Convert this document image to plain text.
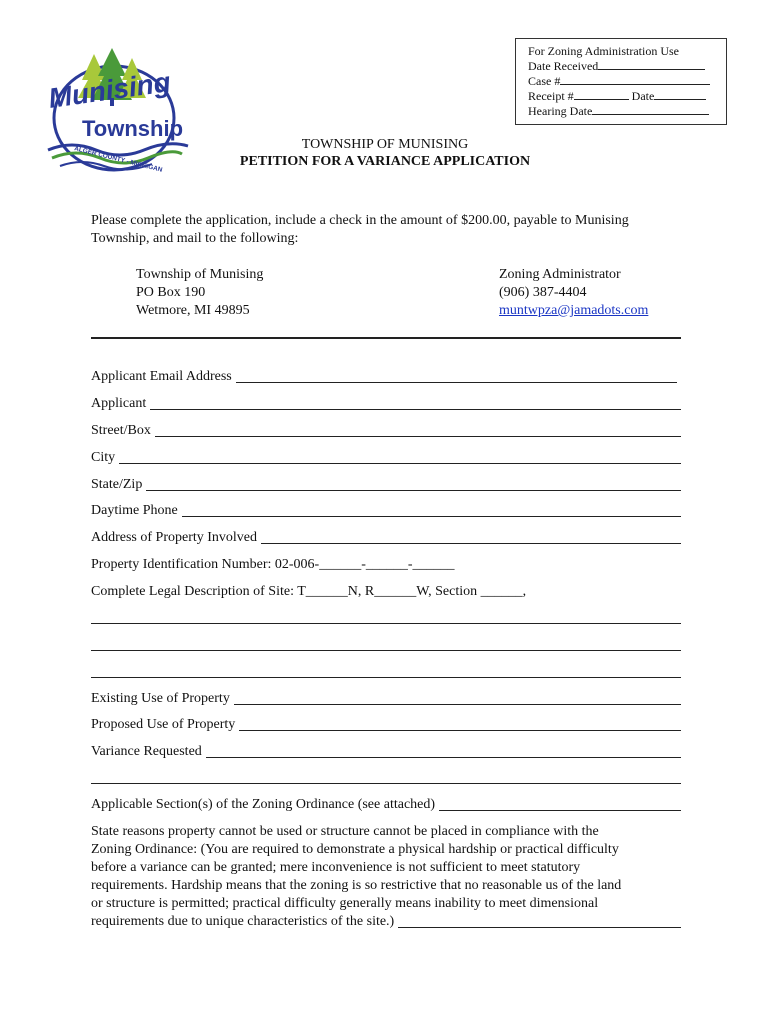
Munising
Township
ALGER COUNTY - MICHIGAN
For Zoning Administration Use
Date Received
Case #
Receipt #	Date
Hearing Date
TOWNSHIP OF MUNISING
PETITION FOR A VARIANCE APPLICATION
Please complete the application, include a check in the amount of $200.00, payable to Munising
Township, and mail to the following:
Township of Munising
PO Box 190
Wetmore, MI 49895
Zoning Administrator
(906) 387-4404
muntwpza@jamadots.com
Applicant Email Address
Applicant
Street/Box
City
State/Zip
Daytime Phone
Address of Property Involved
Property Identification Number: 02-006-______-______-______
Complete Legal Description of Site: T______N, R______W, Section ______,
Existing Use of Property
Proposed Use of Property
Variance Requested
Applicable Section(s) of the Zoning Ordinance (see attached)
State reasons property cannot be used or structure cannot be placed in compliance with the
Zoning Ordinance: (You are required to demonstrate a physical hardship or practical difficulty
before a variance can be granted; mere inconvenience is not sufficient to meet statutory
requirements. Hardship means that the zoning is so restrictive that no reasonable us of the land
or structure is permitted; practical difficulty generally means inability to meet dimensional
requirements due to unique characteristics of the site.)
